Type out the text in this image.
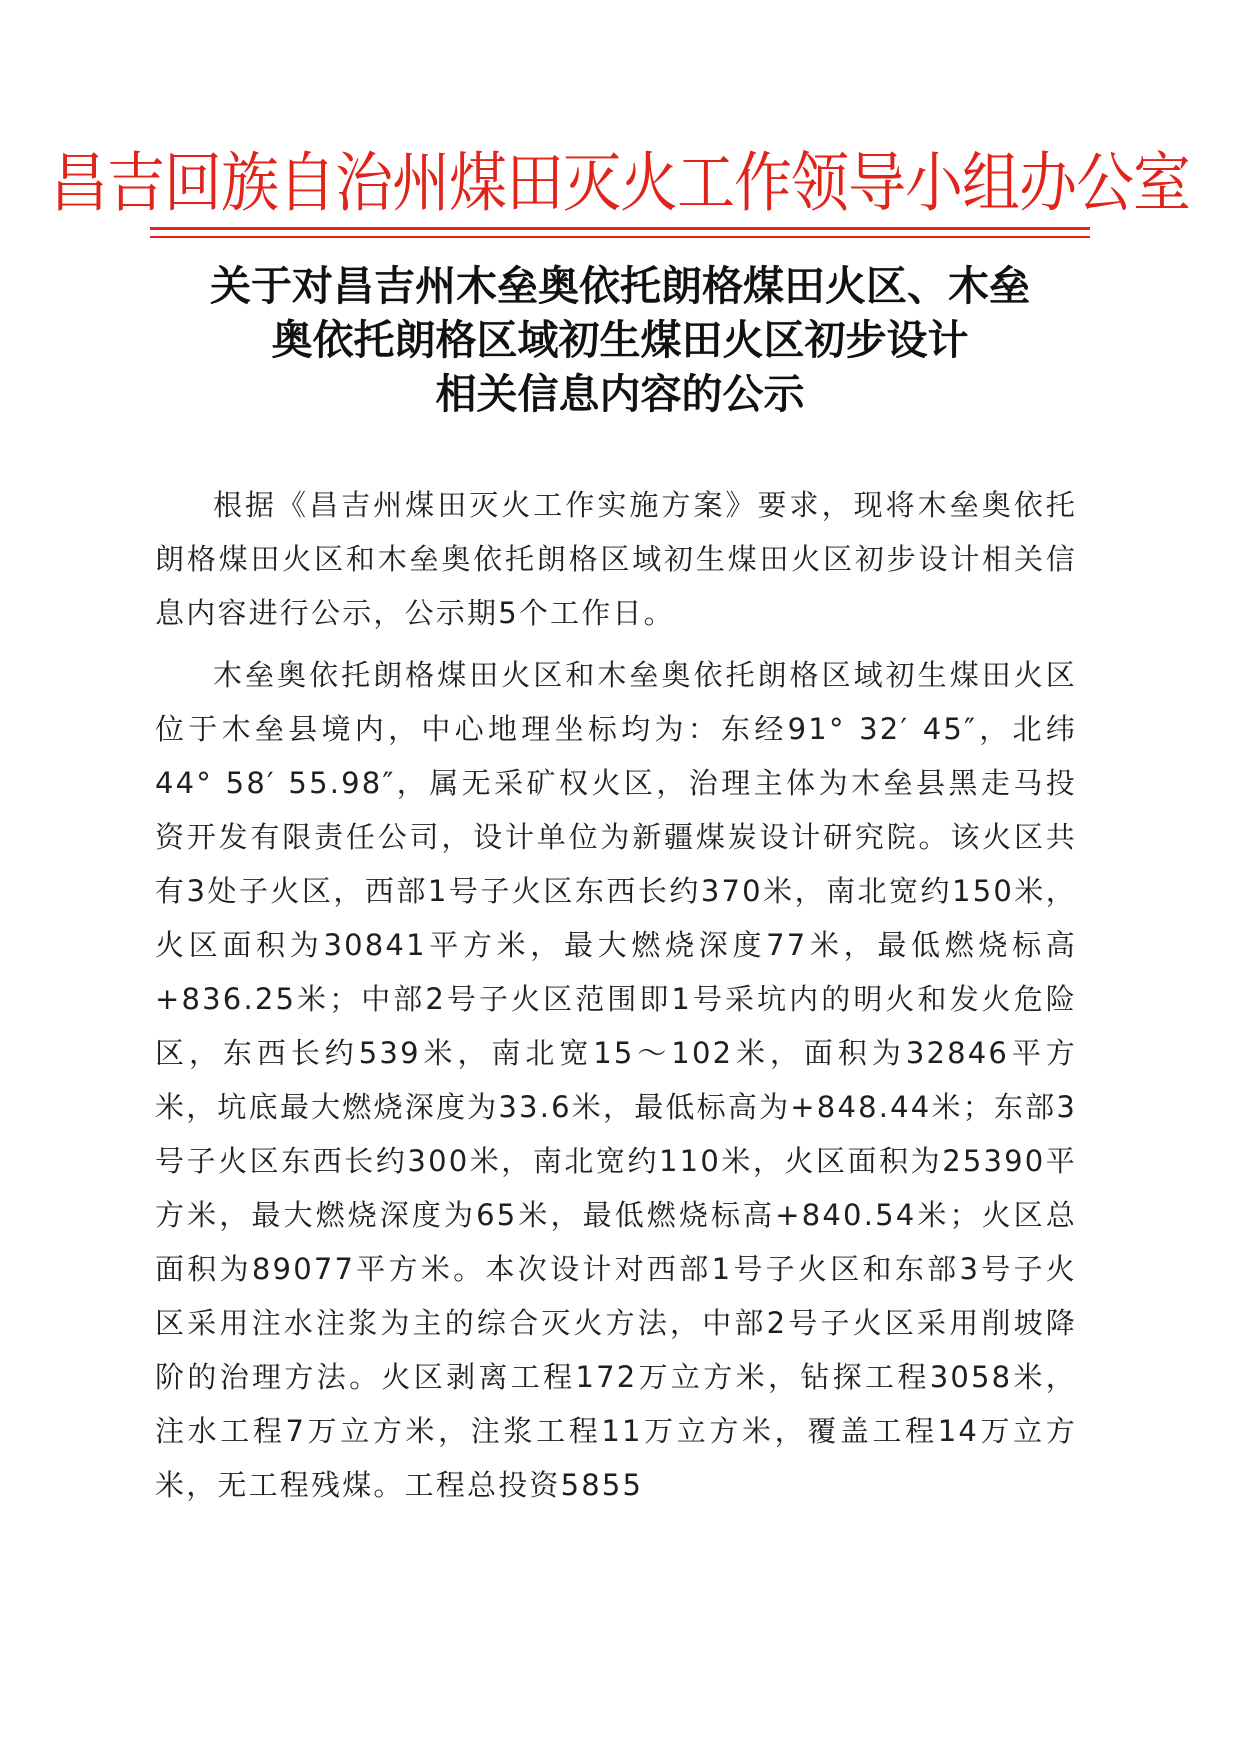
昌吉回族自治州煤田灭火工作领导小组办公室
关于对昌吉州木垒奥依托朗格煤田火区、木垒
奥依托朗格区域初生煤田火区初步设计
相关信息内容的公示

根据《昌吉州煤田灭火工作实施方案》要求，现将木垒奥依托朗格煤田火区和木垒奥依托朗格区域初生煤田火区初步设计相关信息内容进行公示，公示期5个工作日。

木垒奥依托朗格煤田火区和木垒奥依托朗格区域初生煤田火区位于木垒县境内，中心地理坐标均为：东经91° 32′ 45″，北纬44° 58′ 55.98″，属无采矿权火区，治理主体为木垒县黑走马投资开发有限责任公司，设计单位为新疆煤炭设计研究院。该火区共有3处子火区，西部1号子火区东西长约370米，南北宽约150米，火区面积为30841平方米，最大燃烧深度77米，最低燃烧标高+836.25米；中部2号子火区范围即1号采坑内的明火和发火危险区，东西长约539米，南北宽15～102米，面积为32846平方米，坑底最大燃烧深度为33.6米，最低标高为+848.44米；东部3号子火区东西长约300米，南北宽约110米，火区面积为25390平方米，最大燃烧深度为65米，最低燃烧标高+840.54米；火区总面积为89077平方米。本次设计对西部1号子火区和东部3号子火区采用注水注浆为主的综合灭火方法，中部2号子火区采用削坡降阶的治理方法。火区剥离工程172万立方米，钻探工程3058米，注水工程7万立方米，注浆工程11万立方米，覆盖工程14万立方米，无工程残煤。工程总投资5855
